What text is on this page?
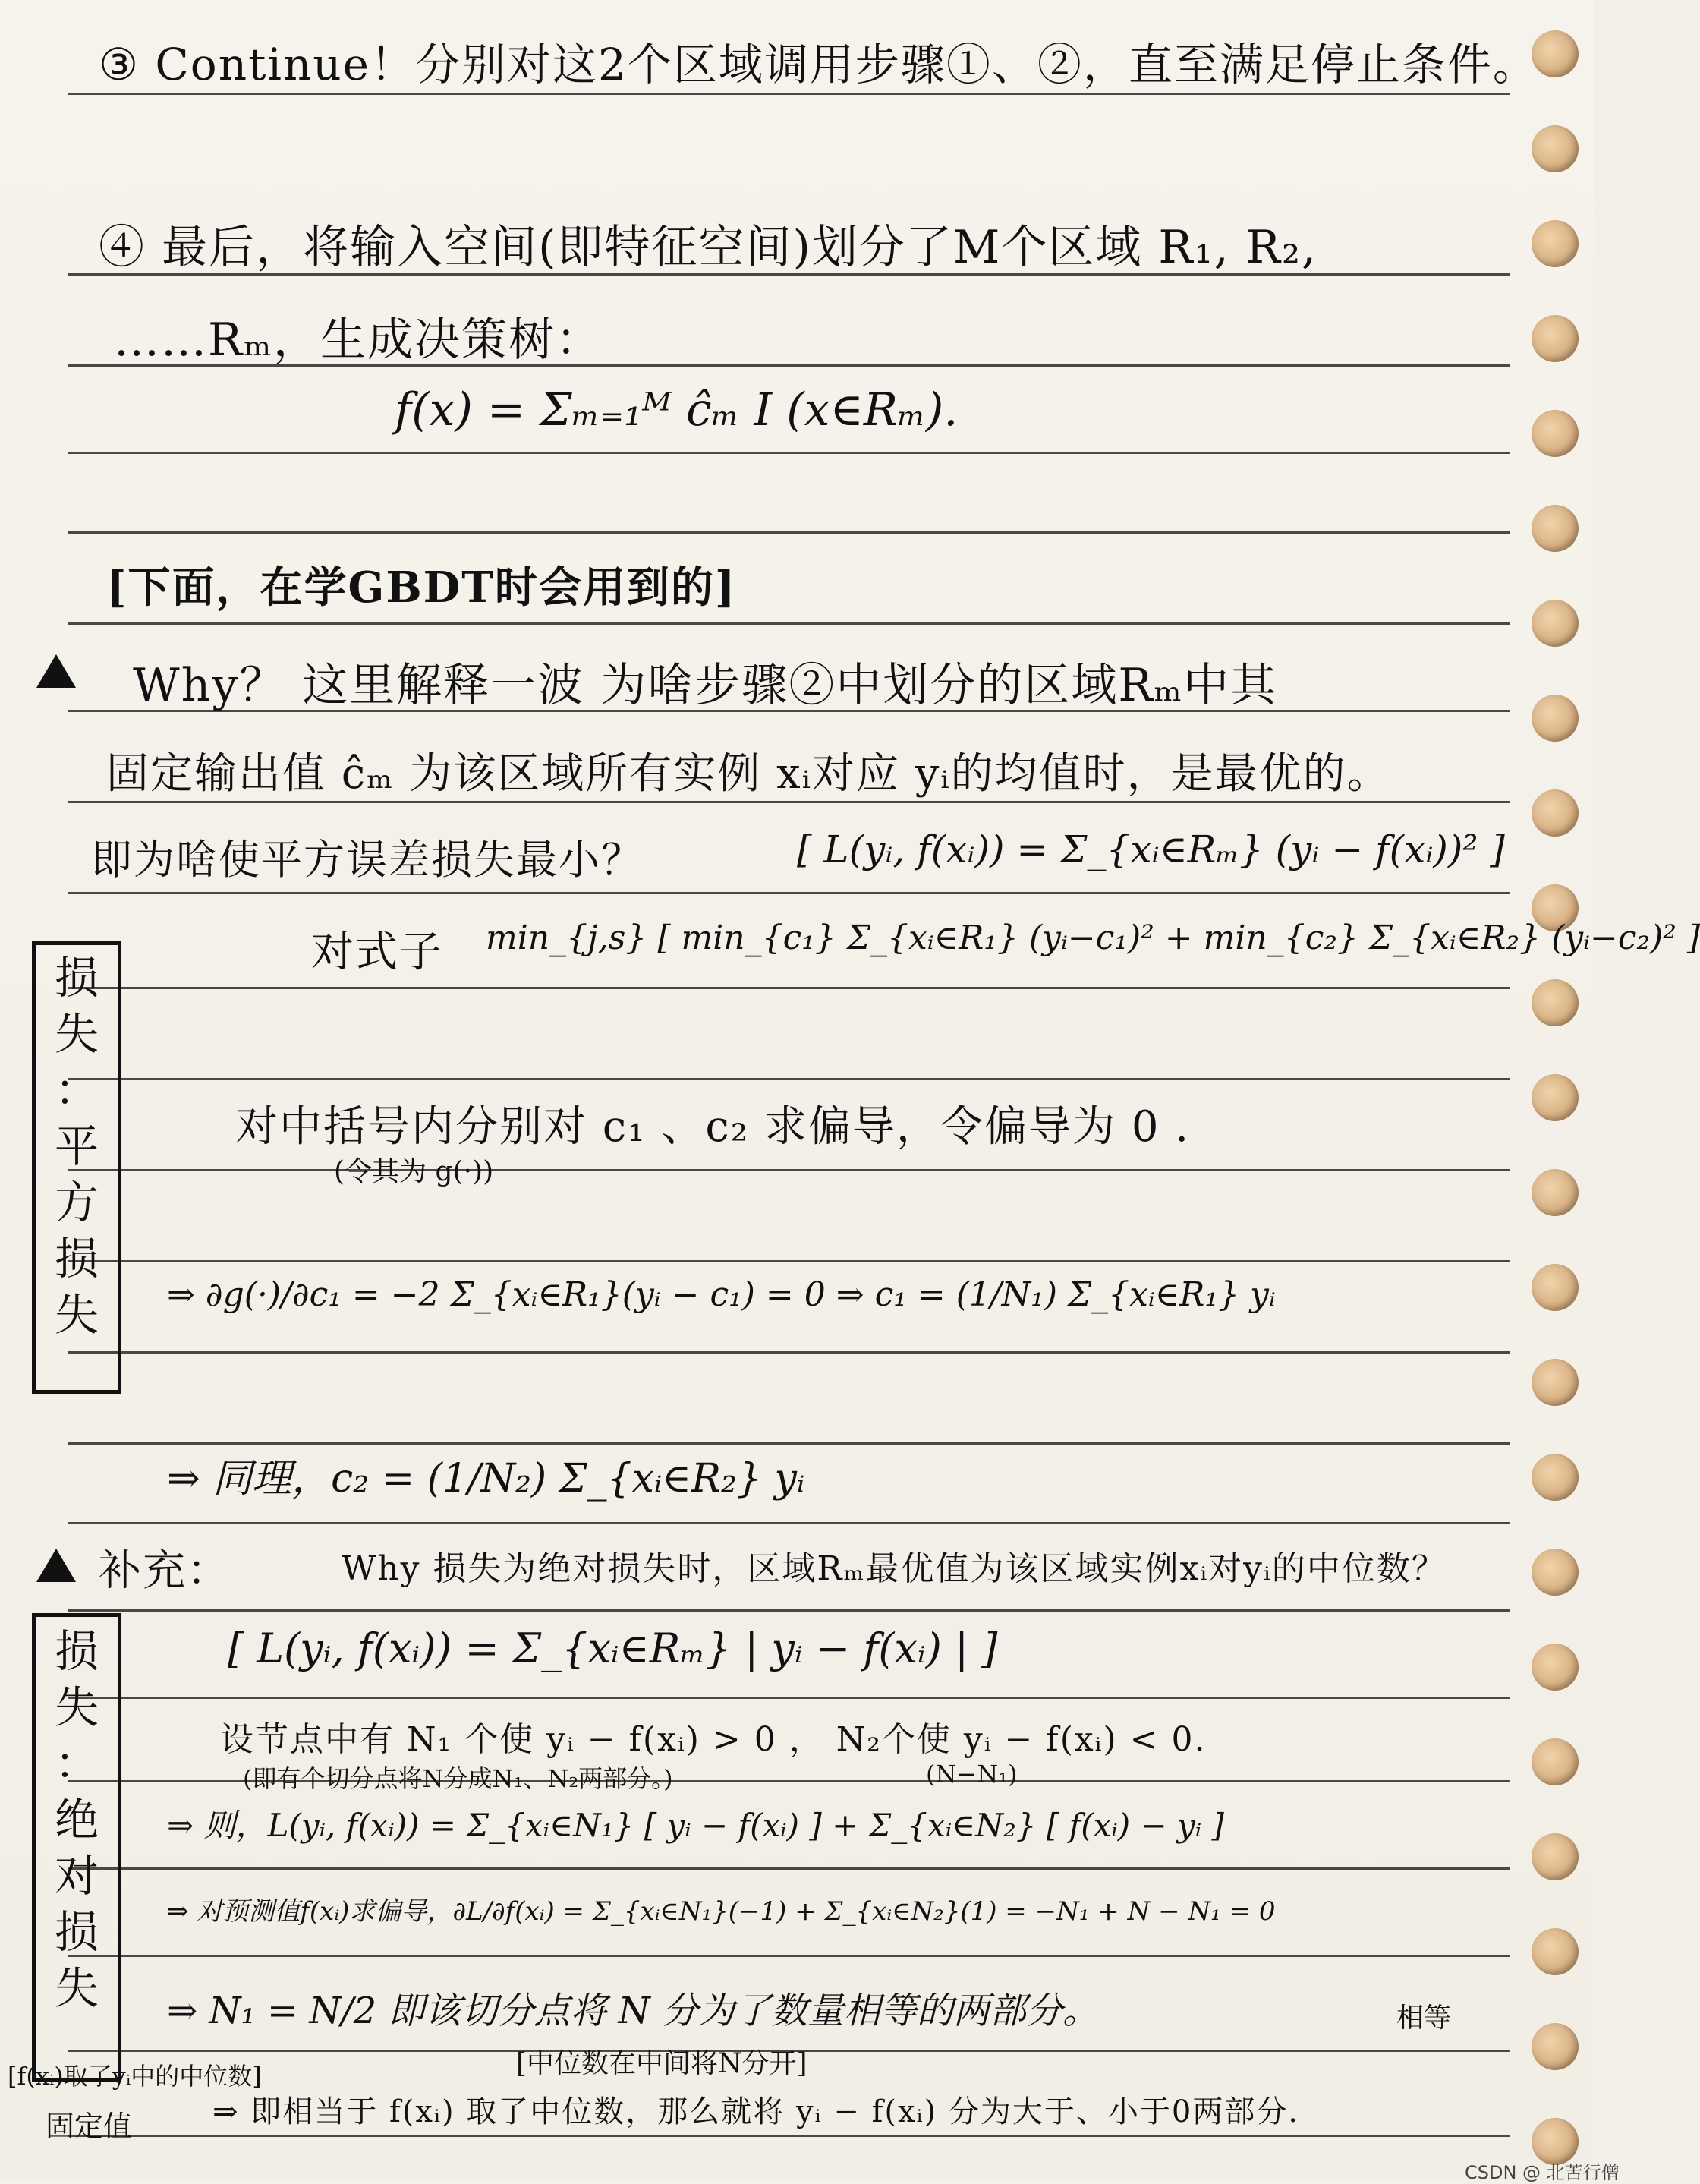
③ Continue！分别对这2个区域调用步骤①、②，直至满足停止条件。
④ 最后，将输入空间(即特征空间)划分了M个区域 R₁, R₂,
……Rₘ，生成决策树：
f(x) = Σₘ₌₁ᴹ ĉₘ I (x∈Rₘ).
[下面，在学GBDT时会用到的]
Why？ 这里解释一波 为啥步骤②中划分的区域Rₘ中其
固定输出值 ĉₘ 为该区域所有实例 xᵢ对应 yᵢ的均值时，是最优的。
即为啥使平方误差损失最小？	[ L(yᵢ, f(xᵢ)) = Σ_{xᵢ∈Rₘ} (yᵢ − f(xᵢ))² ]
损
失
：
平
方
损
失
对式子 min_{j,s} [ min_{c₁} Σ_{xᵢ∈R₁} (yᵢ−c₁)² + min_{c₂} Σ_{xᵢ∈R₂} (yᵢ−c₂)² ]
对中括号内分别对 c₁ 、c₂ 求偏导，令偏导为 0 .
(令其为 g(·))
⇒ ∂g(·)/∂c₁ = −2 Σ_{xᵢ∈R₁}(yᵢ − c₁) = 0 ⇒ c₁ = (1/N₁) Σ_{xᵢ∈R₁} yᵢ
⇒ 同理，c₂ = (1/N₂) Σ_{xᵢ∈R₂} yᵢ
补充：	Why 损失为绝对损失时，区域Rₘ最优值为该区域实例xᵢ对yᵢ的中位数？
损
失
：
绝
对
损
失
[ L(yᵢ, f(xᵢ)) = Σ_{xᵢ∈Rₘ} | yᵢ − f(xᵢ) | ]
设节点中有 N₁ 个使 yᵢ − f(xᵢ) > 0 ， N₂个使 yᵢ − f(xᵢ) < 0.
(即有个切分点将N分成N₁、N₂两部分。)	(N−N₁)
⇒ 则，L(yᵢ, f(xᵢ)) = Σ_{xᵢ∈N₁} [ yᵢ − f(xᵢ) ] + Σ_{xᵢ∈N₂} [ f(xᵢ) − yᵢ ]
⇒ 对预测值f(xᵢ)求偏导，∂L/∂f(xᵢ) = Σ_{xᵢ∈N₁}(−1) + Σ_{xᵢ∈N₂}(1) = −N₁ + N − N₁ = 0
⇒ N₁ = N/2 即该切分点将 N 分为了数量相等的两部分。
[中位数在中间将N分开]
相等
[f(xᵢ)取了yᵢ中的中位数]
固定值	⇒ 即相当于 f(xᵢ) 取了中位数，那么就将 yᵢ − f(xᵢ) 分为大于、小于0两部分.
CSDN @ 北苦行僧
